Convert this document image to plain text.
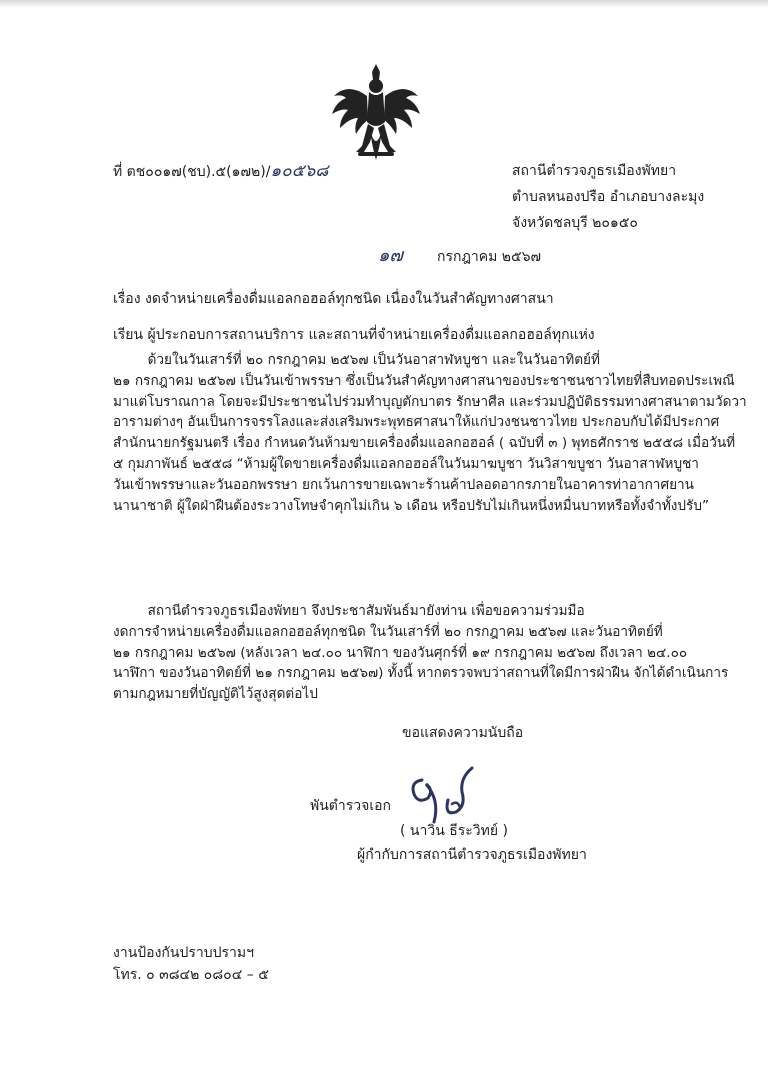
ที่ ตช๐๐๑๗(ชบ).๕(๑๗๒)/๑๐๕๖๘	สถานีตำรวจภูธรเมืองพัทยา
ตำบลหนองปรือ อำเภอบางละมุง
จังหวัดชลบุรี ๒๐๑๕๐
๑๗ กรกฎาคม ๒๕๖๗
เรื่อง งดจำหน่ายเครื่องดื่มแอลกอฮอล์ทุกชนิด เนื่องในวันสำคัญทางศาสนา
เรียน ผู้ประกอบการสถานบริการ และสถานที่จำหน่ายเครื่องดื่มแอลกอฮอล์ทุกแห่ง
ด้วยในวันเสาร์ที่ ๒๐ กรกฎาคม ๒๕๖๗ เป็นวันอาสาฬหบูชา และในวันอาทิตย์ที่
๒๑ กรกฎาคม ๒๕๖๗ เป็นวันเข้าพรรษา ซึ่งเป็นวันสำคัญทางศาสนาของประชาชนชาวไทยที่สืบทอดประเพณี
มาแต่โบราณกาล โดยจะมีประชาชนไปร่วมทำบุญตักบาตร รักษาศีล และร่วมปฏิบัติธรรมทางศาสนาตามวัดวา
อารามต่างๆ อันเป็นการจรรโลงและส่งเสริมพระพุทธศาสนาให้แก่ปวงชนชาวไทย ประกอบกับได้มีประกาศ
สำนักนายกรัฐมนตรี เรื่อง กำหนดวันห้ามขายเครื่องดื่มแอลกอฮอล์ ( ฉบับที่ ๓ ) พุทธศักราช ๒๕๕๘ เมื่อวันที่
๕ กุมภาพันธ์ ๒๕๕๘ “ห้ามผู้ใดขายเครื่องดื่มแอลกอฮอล์ในวันมาฆบูชา วันวิสาขบูชา วันอาสาฬหบูชา
วันเข้าพรรษาและวันออกพรรษา ยกเว้นการขายเฉพาะร้านค้าปลอดอากรภายในอาคารท่าอากาศยาน
นานาชาติ ผู้ใดฝ่าฝืนต้องระวางโทษจำคุกไม่เกิน ๖ เดือน หรือปรับไม่เกินหนึ่งหมื่นบาทหรือทั้งจำทั้งปรับ”
สถานีตำรวจภูธรเมืองพัทยา จึงประชาสัมพันธ์มายังท่าน เพื่อขอความร่วมมือ
งดการจำหน่ายเครื่องดื่มแอลกอฮอล์ทุกชนิด ในวันเสาร์ที่ ๒๐ กรกฎาคม ๒๕๖๗ และวันอาทิตย์ที่
๒๑ กรกฎาคม ๒๕๖๗ (หลังเวลา ๒๔.๐๐ นาฬิกา ของวันศุกร์ที่ ๑๙ กรกฎาคม ๒๕๖๗ ถึงเวลา ๒๔.๐๐
นาฬิกา ของวันอาทิตย์ที่ ๒๑ กรกฎาคม ๒๕๖๗) ทั้งนี้ หากตรวจพบว่าสถานที่ใดมีการฝ่าฝืน จักได้ดำเนินการ
ตามกฎหมายที่บัญญัติไว้สูงสุดต่อไป
ขอแสดงความนับถือ
พันตำรวจเอก
( นาวิน ธีระวิทย์ )
ผู้กำกับการสถานีตำรวจภูธรเมืองพัทยา
งานป้องกันปราบปรามฯ
โทร. ๐ ๓๘๔๒ ๐๘๐๔ – ๕
